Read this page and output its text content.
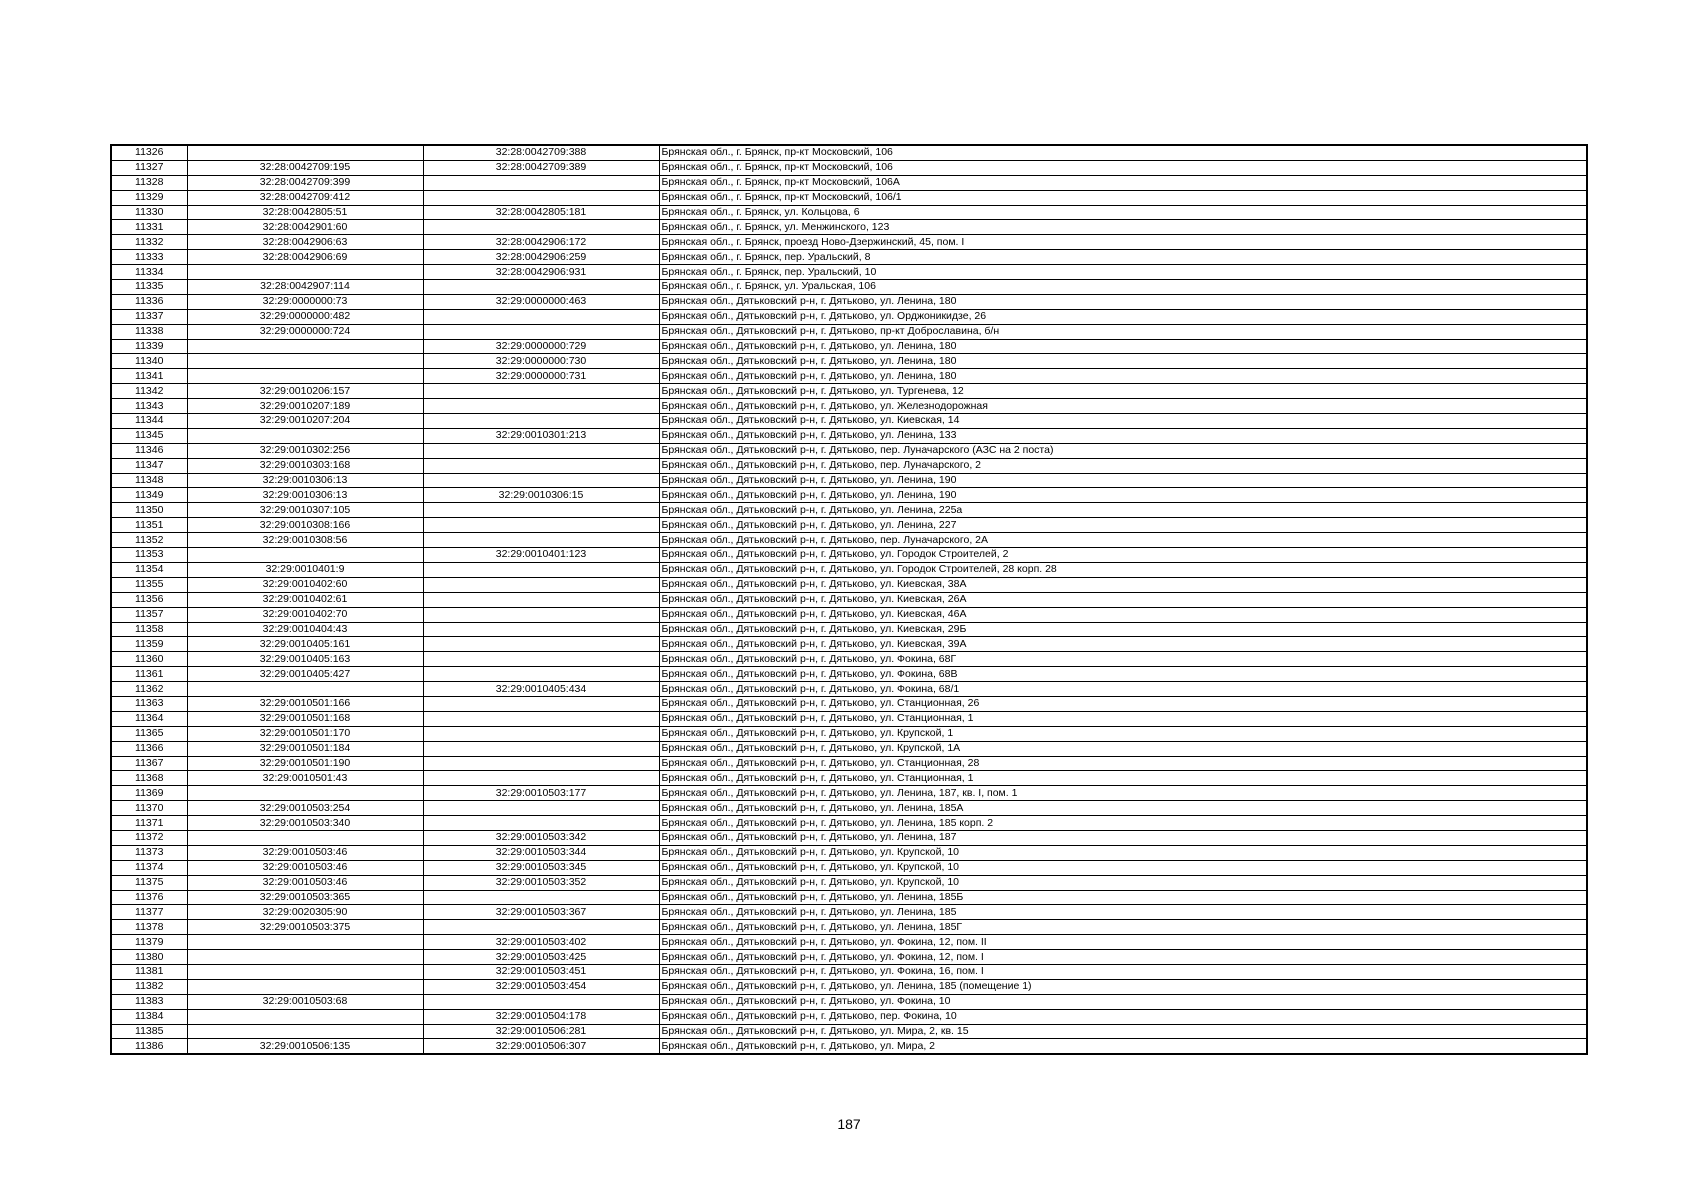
11326		32:28:0042709:388	Брянская обл., г. Брянск, пр-кт Московский, 106
11327	32:28:0042709:195	32:28:0042709:389	Брянская обл., г. Брянск, пр-кт Московский, 106
11328	32:28:0042709:399		Брянская обл., г. Брянск, пр-кт Московский, 106А
11329	32:28:0042709:412		Брянская обл., г. Брянск, пр-кт Московский, 106/1
11330	32:28:0042805:51	32:28:0042805:181	Брянская обл., г. Брянск, ул. Кольцова, 6
11331	32:28:0042901:60		Брянская обл., г. Брянск, ул. Менжинского, 123
11332	32:28:0042906:63	32:28:0042906:172	Брянская обл., г. Брянск, проезд Ново-Дзержинский, 45, пом. I
11333	32:28:0042906:69	32:28:0042906:259	Брянская обл., г. Брянск, пер. Уральский, 8
11334		32:28:0042906:931	Брянская обл., г. Брянск, пер. Уральский, 10
11335	32:28:0042907:114		Брянская обл., г. Брянск, ул. Уральская, 106
11336	32:29:0000000:73	32:29:0000000:463	Брянская обл., Дятьковский р-н, г. Дятьково, ул. Ленина, 180
11337	32:29:0000000:482		Брянская обл., Дятьковский р-н, г. Дятьково, ул. Орджоникидзе, 26
11338	32:29:0000000:724		Брянская обл., Дятьковский р-н, г. Дятьково, пр-кт Доброславина, б/н
11339		32:29:0000000:729	Брянская обл., Дятьковский р-н, г. Дятьково, ул. Ленина, 180
11340		32:29:0000000:730	Брянская обл., Дятьковский р-н, г. Дятьково, ул. Ленина, 180
11341		32:29:0000000:731	Брянская обл., Дятьковский р-н, г. Дятьково, ул. Ленина, 180
11342	32:29:0010206:157		Брянская обл., Дятьковский р-н, г. Дятьково, ул. Тургенева, 12
11343	32:29:0010207:189		Брянская обл., Дятьковский р-н, г. Дятьково, ул. Железнодорожная
11344	32:29:0010207:204		Брянская обл., Дятьковский р-н, г. Дятьково, ул. Киевская, 14
11345		32:29:0010301:213	Брянская обл., Дятьковский р-н, г. Дятьково, ул. Ленина, 133
11346	32:29:0010302:256		Брянская обл., Дятьковский р-н, г. Дятьково, пер. Луначарского (АЗС на 2 поста)
11347	32:29:0010303:168		Брянская обл., Дятьковский р-н, г. Дятьково, пер. Луначарского, 2
11348	32:29:0010306:13		Брянская обл., Дятьковский р-н, г. Дятьково, ул. Ленина, 190
11349	32:29:0010306:13	32:29:0010306:15	Брянская обл., Дятьковский р-н, г. Дятьково, ул. Ленина, 190
11350	32:29:0010307:105		Брянская обл., Дятьковский р-н, г. Дятьково, ул. Ленина, 225а
11351	32:29:0010308:166		Брянская обл., Дятьковский р-н, г. Дятьково, ул. Ленина, 227
11352	32:29:0010308:56		Брянская обл., Дятьковский р-н, г. Дятьково, пер. Луначарского, 2А
11353		32:29:0010401:123	Брянская обл., Дятьковский р-н, г. Дятьково, ул. Городок Строителей, 2
11354	32:29:0010401:9		Брянская обл., Дятьковский р-н, г. Дятьково, ул. Городок Строителей, 28 корп. 28
11355	32:29:0010402:60		Брянская обл., Дятьковский р-н, г. Дятьково, ул. Киевская, 38А
11356	32:29:0010402:61		Брянская обл., Дятьковский р-н, г. Дятьково, ул. Киевская, 26А
11357	32:29:0010402:70		Брянская обл., Дятьковский р-н, г. Дятьково, ул. Киевская, 46А
11358	32:29:0010404:43		Брянская обл., Дятьковский р-н, г. Дятьково, ул. Киевская, 29Б
11359	32:29:0010405:161		Брянская обл., Дятьковский р-н, г. Дятьково, ул. Киевская, 39А
11360	32:29:0010405:163		Брянская обл., Дятьковский р-н, г. Дятьково, ул. Фокина, 68Г
11361	32:29:0010405:427		Брянская обл., Дятьковский р-н, г. Дятьково, ул. Фокина, 68В
11362		32:29:0010405:434	Брянская обл., Дятьковский р-н, г. Дятьково, ул. Фокина, 68/1
11363	32:29:0010501:166		Брянская обл., Дятьковский р-н, г. Дятьково, ул. Станционная, 26
11364	32:29:0010501:168		Брянская обл., Дятьковский р-н, г. Дятьково, ул. Станционная, 1
11365	32:29:0010501:170		Брянская обл., Дятьковский р-н, г. Дятьково, ул. Крупской, 1
11366	32:29:0010501:184		Брянская обл., Дятьковский р-н, г. Дятьково, ул. Крупской, 1А
11367	32:29:0010501:190		Брянская обл., Дятьковский р-н, г. Дятьково, ул. Станционная, 28
11368	32:29:0010501:43		Брянская обл., Дятьковский р-н, г. Дятьково, ул. Станционная, 1
11369		32:29:0010503:177	Брянская обл., Дятьковский р-н, г. Дятьково, ул. Ленина, 187, кв. I, пом. 1
11370	32:29:0010503:254		Брянская обл., Дятьковский р-н, г. Дятьково, ул. Ленина, 185А
11371	32:29:0010503:340		Брянская обл., Дятьковский р-н, г. Дятьково, ул. Ленина, 185 корп. 2
11372		32:29:0010503:342	Брянская обл., Дятьковский р-н, г. Дятьково, ул. Ленина, 187
11373	32:29:0010503:46	32:29:0010503:344	Брянская обл., Дятьковский р-н, г. Дятьково, ул. Крупской, 10
11374	32:29:0010503:46	32:29:0010503:345	Брянская обл., Дятьковский р-н, г. Дятьково, ул. Крупской, 10
11375	32:29:0010503:46	32:29:0010503:352	Брянская обл., Дятьковский р-н, г. Дятьково, ул. Крупской, 10
11376	32:29:0010503:365		Брянская обл., Дятьковский р-н, г. Дятьково, ул. Ленина, 185Б
11377	32:29:0020305:90	32:29:0010503:367	Брянская обл., Дятьковский р-н, г. Дятьково, ул. Ленина, 185
11378	32:29:0010503:375		Брянская обл., Дятьковский р-н, г. Дятьково, ул. Ленина, 185Г
11379		32:29:0010503:402	Брянская обл., Дятьковский р-н, г. Дятьково, ул. Фокина, 12, пом. II
11380		32:29:0010503:425	Брянская обл., Дятьковский р-н, г. Дятьково, ул. Фокина, 12, пом. I
11381		32:29:0010503:451	Брянская обл., Дятьковский р-н, г. Дятьково, ул. Фокина, 16, пом. I
11382		32:29:0010503:454	Брянская обл., Дятьковский р-н, г. Дятьково, ул. Ленина, 185 (помещение 1)
11383	32:29:0010503:68		Брянская обл., Дятьковский р-н, г. Дятьково, ул. Фокина, 10
11384		32:29:0010504:178	Брянская обл., Дятьковский р-н, г. Дятьково, пер. Фокина, 10
11385		32:29:0010506:281	Брянская обл., Дятьковский р-н, г. Дятьково, ул. Мира, 2, кв. 15
11386	32:29:0010506:135	32:29:0010506:307	Брянская обл., Дятьковский р-н, г. Дятьково, ул. Мира, 2
187
